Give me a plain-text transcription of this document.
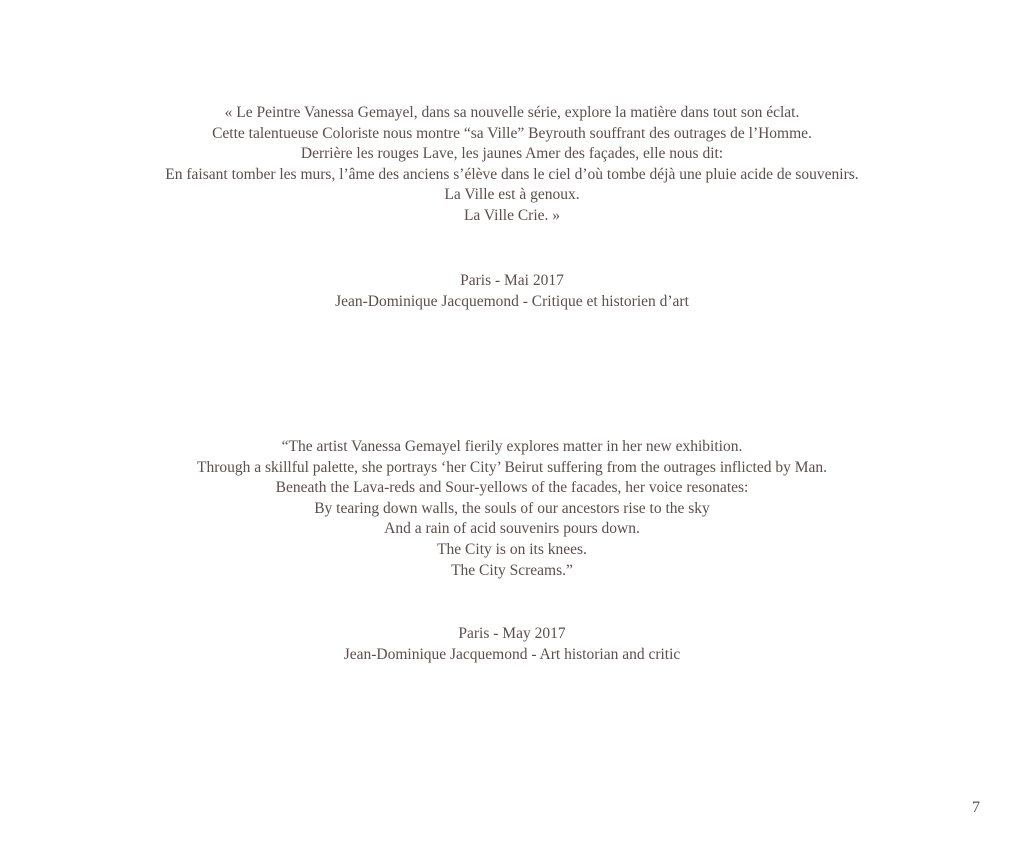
« Le Peintre Vanessa Gemayel, dans sa nouvelle série, explore la matière dans tout son éclat.
Cette talentueuse Coloriste nous montre “sa Ville” Beyrouth souffrant des outrages de l’Homme.
Derrière les rouges Lave, les jaunes Amer des façades, elle nous dit:
En faisant tomber les murs, l’âme des anciens s’élève dans le ciel d’où tombe déjà une pluie acide de souvenirs.
La Ville est à genoux.
La Ville Crie. »
Paris - Mai 2017
Jean-Dominique Jacquemond - Critique et historien d’art
“The artist Vanessa Gemayel fierily explores matter in her new exhibition.
Through a skillful palette, she portrays ‘her City’ Beirut suffering from the outrages inflicted by Man.
Beneath the Lava-reds and Sour-yellows of the facades, her voice resonates:
By tearing down walls, the souls of our ancestors rise to the sky
And a rain of acid souvenirs pours down.
The City is on its knees.
The City Screams.”
Paris - May 2017
Jean-Dominique Jacquemond - Art historian and critic
7
